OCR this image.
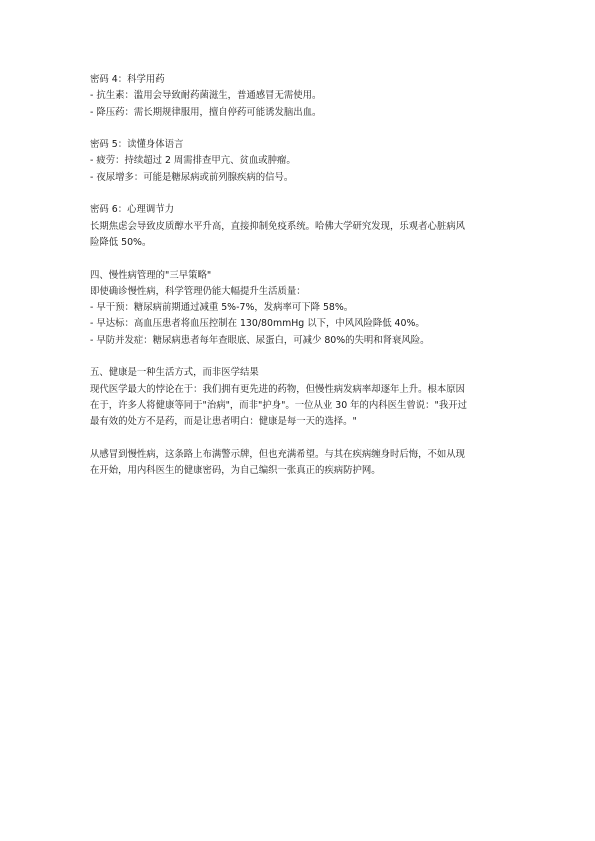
密码 4：科学用药
- 抗生素：滥用会导致耐药菌滋生，普通感冒无需使用。
- 降压药：需长期规律服用，擅自停药可能诱发脑出血。
密码 5：读懂身体语言
- 疲劳：持续超过 2 周需排查甲亢、贫血或肿瘤。
- 夜尿增多：可能是糖尿病或前列腺疾病的信号。
密码 6：心理调节力
长期焦虑会导致皮质醇水平升高，直接抑制免疫系统。哈佛大学研究发现，乐观者心脏病风
险降低 50%。
四、慢性病管理的"三早策略"
即使确诊慢性病，科学管理仍能大幅提升生活质量：
- 早干预：糖尿病前期通过减重 5%-7%，发病率可下降 58%。
- 早达标：高血压患者将血压控制在 130/80mmHg 以下，中风风险降低 40%。
- 早防并发症：糖尿病患者每年查眼底、尿蛋白，可减少 80%的失明和肾衰风险。
五、健康是一种生活方式，而非医学结果
现代医学最大的悖论在于：我们拥有更先进的药物，但慢性病发病率却逐年上升。根本原因
在于，许多人将健康等同于"治病"，而非"护身"。一位从业 30 年的内科医生曾说："我开过
最有效的处方不是药，而是让患者明白：健康是每一天的选择。"
从感冒到慢性病，这条路上布满警示牌，但也充满希望。与其在疾病缠身时后悔，不如从现
在开始，用内科医生的健康密码，为自己编织一张真正的疾病防护网。
